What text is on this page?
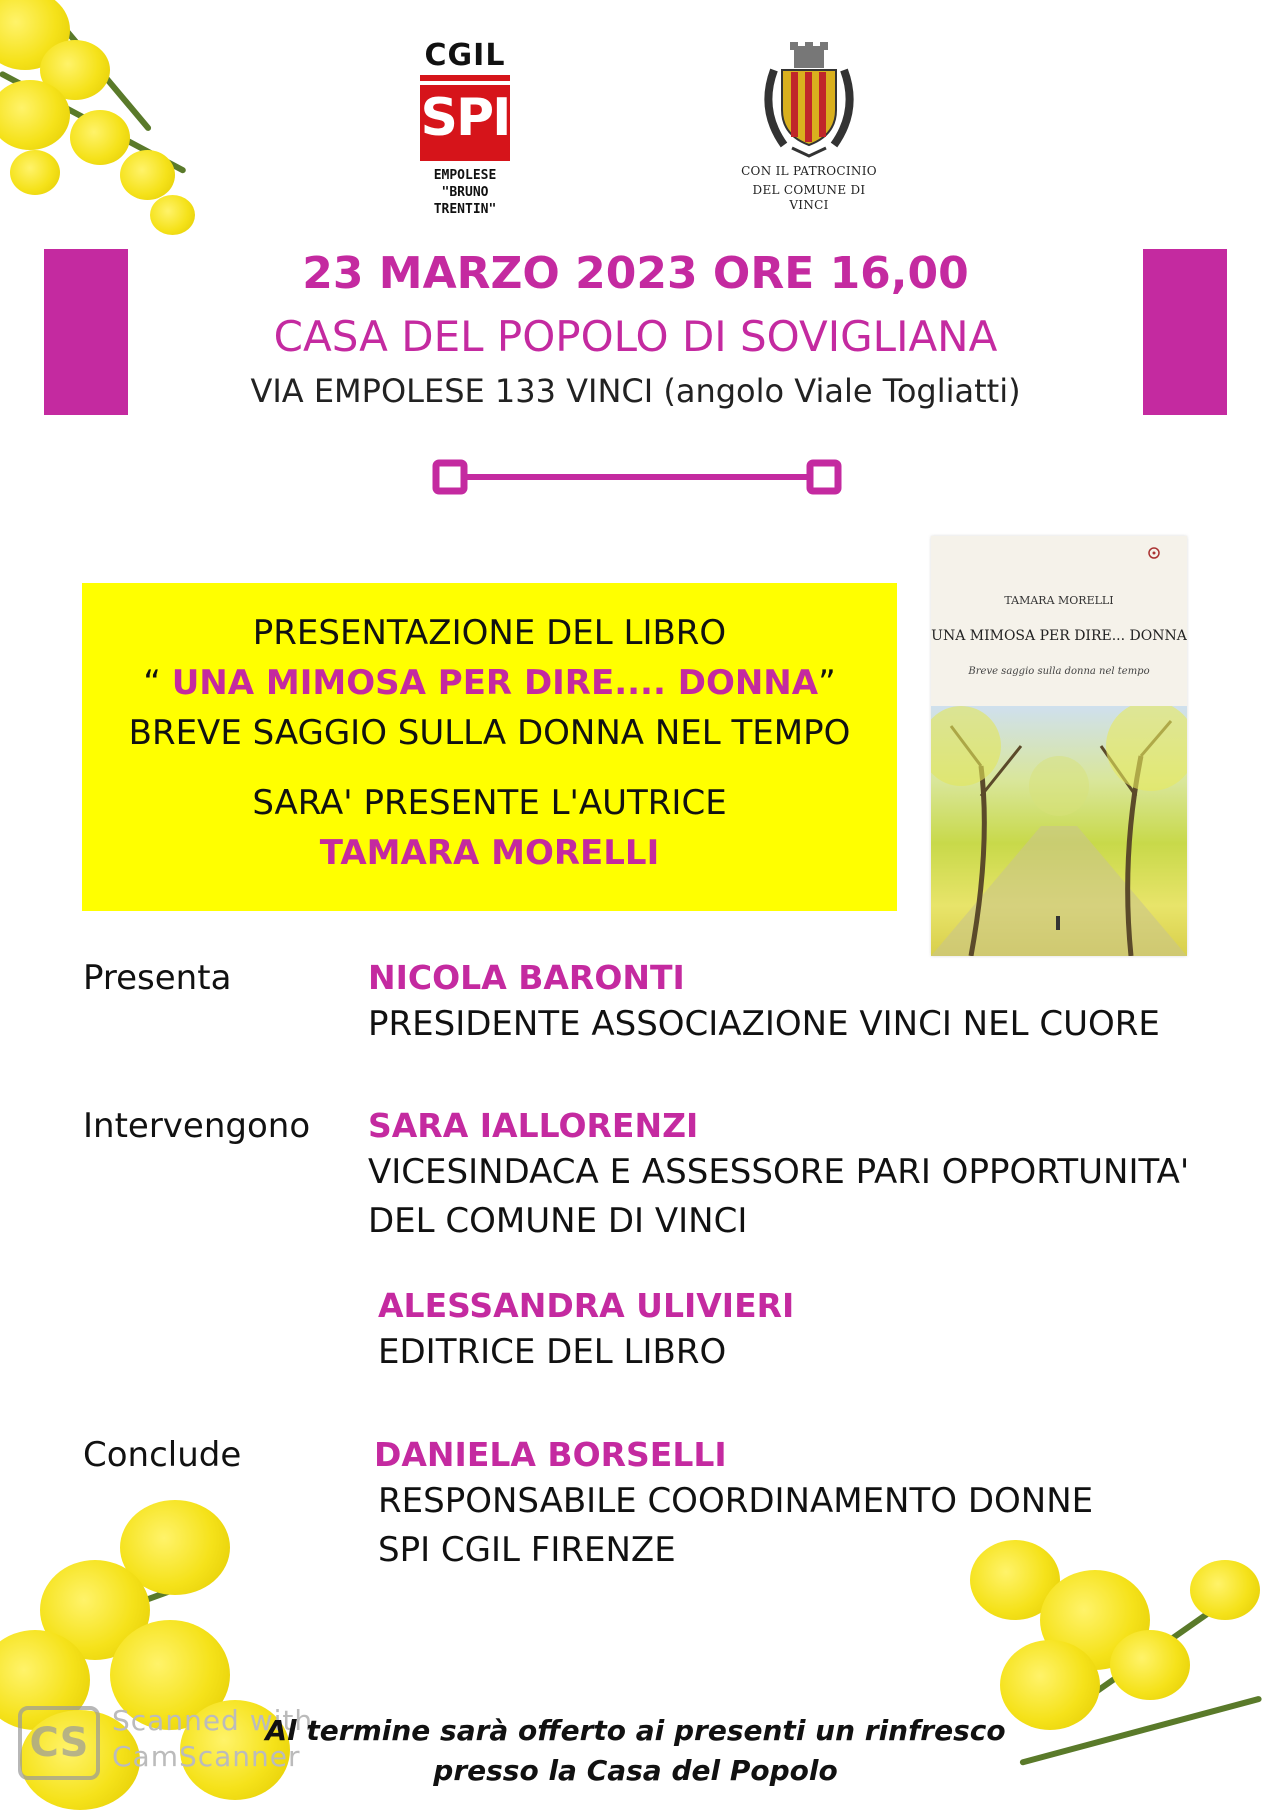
CGIL
SPI
EMPOLESE
"BRUNO TRENTIN"
CON IL PATROCINIO
DEL COMUNE DI VINCI
23 MARZO 2023 ORE 16,00
CASA DEL POPOLO DI SOVIGLIANA
VIA EMPOLESE 133 VINCI (angolo Viale Togliatti)
PRESENTAZIONE DEL LIBRO
“ UNA MIMOSA PER DIRE.... DONNA”
BREVE SAGGIO SULLA DONNA NEL TEMPO
SARA' PRESENTE L'AUTRICE
TAMARA MORELLI
TAMARA MORELLI
UNA MIMOSA PER DIRE... DONNA
Breve saggio sulla donna nel tempo
Presenta	NICOLA BARONTI
PRESIDENTE ASSOCIAZIONE VINCI NEL CUORE
Intervengono SARA IALLORENZI
VICESINDACA E ASSESSORE PARI OPPORTUNITA'
DEL COMUNE DI VINCI
ALESSANDRA ULIVIERI
EDITRICE DEL LIBRO
Conclude	DANIELA BORSELLI
RESPONSABILE COORDINAMENTO DONNE
SPI CGIL FIRENZE
CS Scanned with
CamScanner
Al termine sarà offerto ai presenti un rinfresco
presso la Casa del Popolo
